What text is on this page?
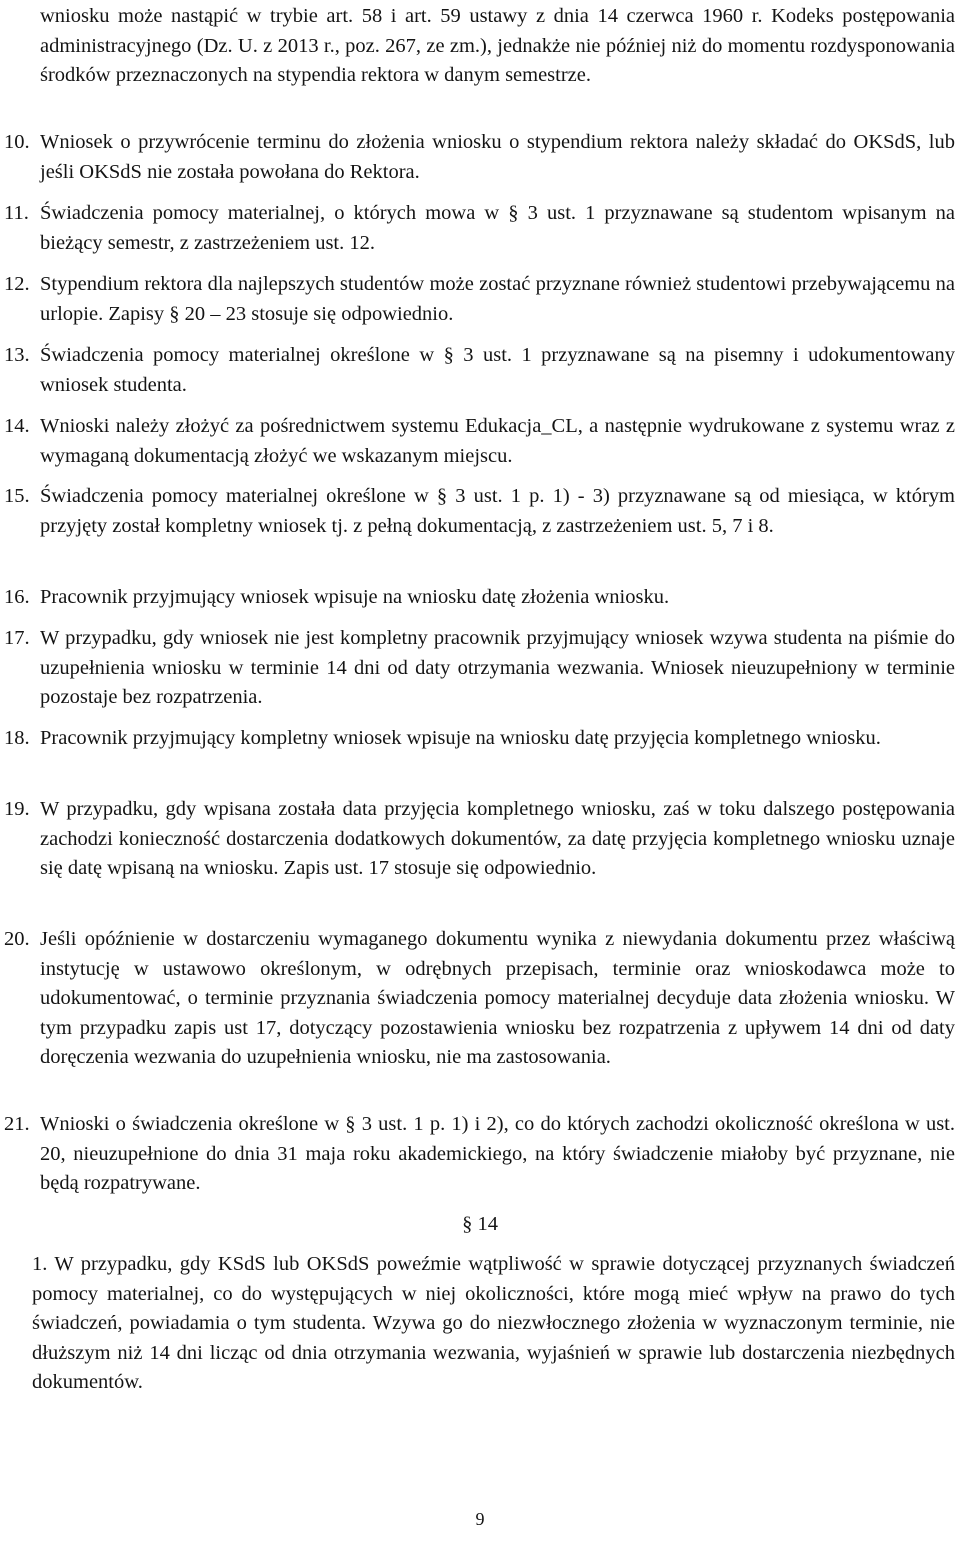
wniosku może nastąpić w trybie art. 58 i art. 59 ustawy z dnia 14 czerwca 1960 r. Kodeks postępowania administracyjnego (Dz. U. z 2013 r., poz. 267, ze zm.), jednakże nie później niż do momentu rozdysponowania środków przeznaczonych na stypendia rektora w danym semestrze.
10. Wniosek o przywrócenie terminu do złożenia wniosku o stypendium rektora należy składać do OKSdS, lub jeśli OKSdS nie została powołana do Rektora.
11. Świadczenia pomocy materialnej, o których mowa w § 3 ust. 1 przyznawane są studentom wpisanym na bieżący semestr, z zastrzeżeniem ust. 12.
12. Stypendium rektora dla najlepszych studentów może zostać przyznane również studentowi przebywającemu na urlopie. Zapisy § 20 – 23 stosuje się odpowiednio.
13. Świadczenia pomocy materialnej określone w § 3 ust. 1 przyznawane są na pisemny i udokumentowany wniosek studenta.
14. Wnioski należy złożyć za pośrednictwem systemu Edukacja_CL, a następnie wydrukowane z systemu wraz z wymaganą dokumentacją złożyć we wskazanym miejscu.
15. Świadczenia pomocy materialnej określone w § 3 ust. 1 p. 1) - 3) przyznawane są od miesiąca, w którym przyjęty został kompletny wniosek tj. z pełną dokumentacją, z zastrzeżeniem ust. 5, 7 i 8.
16. Pracownik przyjmujący wniosek wpisuje na wniosku datę złożenia wniosku.
17. W przypadku, gdy wniosek nie jest kompletny pracownik przyjmujący wniosek wzywa studenta na piśmie do uzupełnienia wniosku w terminie 14 dni od daty otrzymania wezwania. Wniosek nieuzupełniony w terminie pozostaje bez rozpatrzenia.
18. Pracownik przyjmujący kompletny wniosek wpisuje na wniosku datę przyjęcia kompletnego wniosku.
19. W przypadku, gdy wpisana została data przyjęcia kompletnego wniosku, zaś w toku dalszego postępowania zachodzi konieczność dostarczenia dodatkowych dokumentów, za datę przyjęcia kompletnego wniosku uznaje się datę wpisaną na wniosku. Zapis ust. 17 stosuje się odpowiednio.
20. Jeśli opóźnienie w dostarczeniu wymaganego dokumentu wynika z niewydania dokumentu przez właściwą instytucję w ustawowo określonym, w odrębnych przepisach, terminie oraz wnioskodawca może to udokumentować, o terminie przyznania świadczenia pomocy materialnej decyduje data złożenia wniosku. W tym przypadku zapis ust 17, dotyczący pozostawienia wniosku bez rozpatrzenia z upływem 14 dni od daty doręczenia wezwania do uzupełnienia wniosku, nie ma zastosowania.
21. Wnioski o świadczenia określone w § 3 ust. 1 p. 1) i 2), co do których zachodzi okoliczność określona w ust. 20, nieuzupełnione do dnia 31 maja roku akademickiego, na który świadczenie miałoby być przyznane, nie będą rozpatrywane.
§ 14
1. W przypadku, gdy KSdS lub OKSdS poweźmie wątpliwość w sprawie dotyczącej przyznanych świadczeń pomocy materialnej, co do występujących w niej okoliczności, które mogą mieć wpływ na prawo do tych świadczeń, powiadamia o tym studenta. Wzywa go do niezwłocznego złożenia w wyznaczonym terminie, nie dłuższym niż 14 dni licząc od dnia otrzymania wezwania, wyjaśnień w sprawie lub dostarczenia niezbędnych dokumentów.
9
